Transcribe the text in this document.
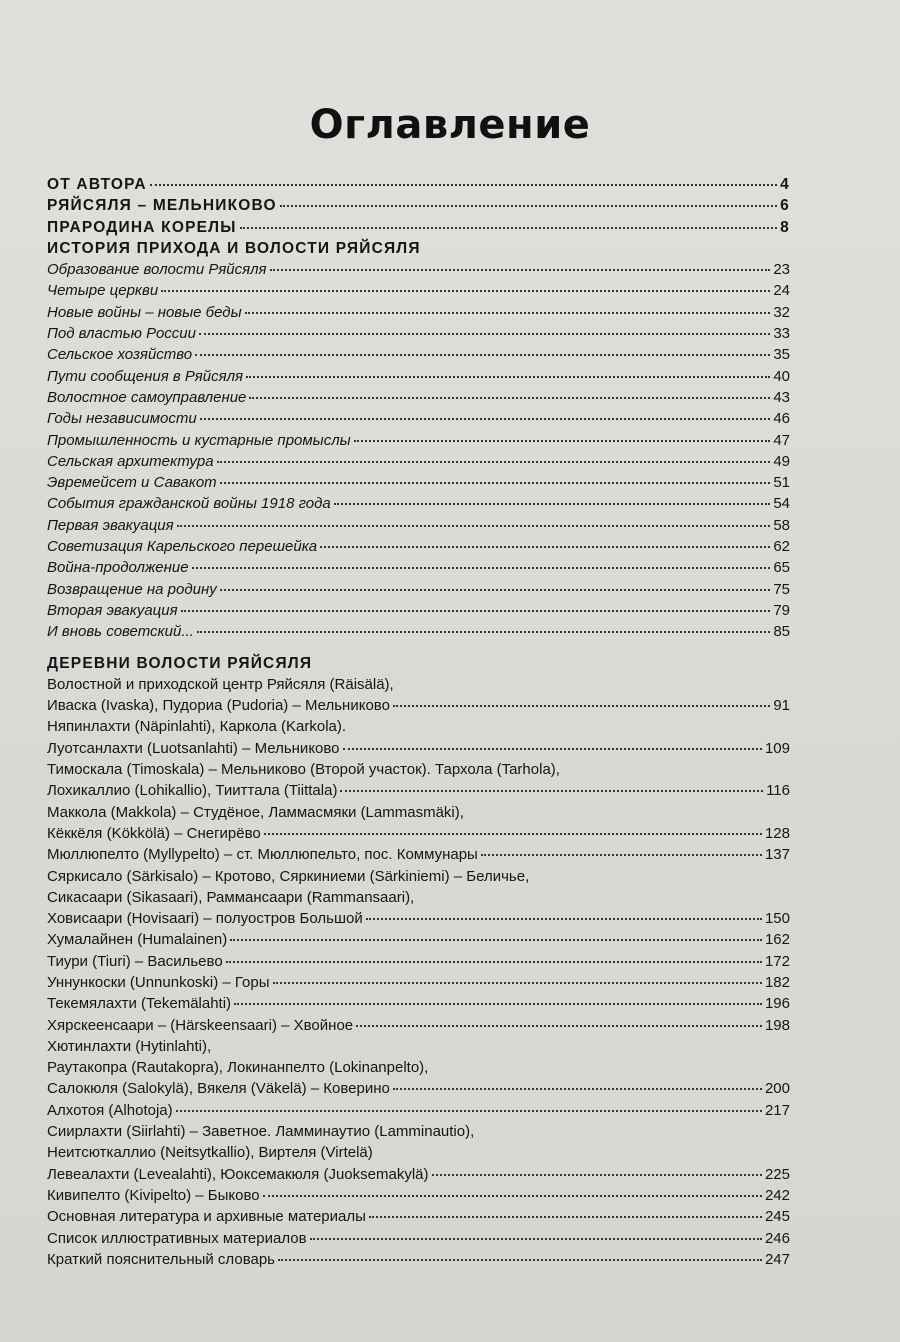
Оглавление
ОТ АВТОРА	4
РЯЙСЯЛЯ – МЕЛЬНИКОВО	6
ПРАРОДИНА КОРЕЛЫ	8
ИСТОРИЯ ПРИХОДА И ВОЛОСТИ РЯЙСЯЛЯ
Образование волости Ряйсяля	23
Четыре церкви	24
Новые войны – новые беды	32
Под властью России	33
Сельское хозяйство	35
Пути сообщения в Ряйсяля	40
Волостное самоуправление	43
Годы независимости	46
Промышленность и кустарные промыслы	47
Сельская архитектура	49
Эвремейсет и Савакот	51
События гражданской войны 1918 года	54
Первая эвакуация	58
Советизация Карельского перешейка	62
Война-продолжение	65
Возвращение на родину	75
Вторая эвакуация	79
И вновь советский...	85
ДЕРЕВНИ ВОЛОСТИ РЯЙСЯЛЯ
Волостной и приходской центр Ряйсяля (Räisälä),
Иваска (Ivaska), Пудориа (Pudoria) – Мельниково	91
Няпинлахти (Näpinlahti), Каркола (Karkola).
Луотсанлахти (Luotsanlahti) – Мельниково	109
Тимоскала (Timoskala) – Мельниково (Второй участок). Тархола (Tarhola),
Лохикаллио (Lohikallio), Тииттала (Tiittala)	116
Маккола (Makkola) – Студёное, Ламмасмяки (Lammasmäki),
Кёккёля (Kökkölä) – Снегирёво	128
Мюллюпелто (Myllypelto) – ст. Мюллюпельто, пос. Коммунары	137
Сяркисало (Särkisalo) – Кротово, Сяркиниеми (Särkiniemi) – Беличье,
Сикасаари (Sikasaari), Раммансаари (Rammansaari),
Ховисаари (Hovisaari) – полуостров Большой	150
Хумалайнен (Humalainen)	162
Тиури (Tiuri) – Васильево	172
Уннункоски (Unnunkoski) – Горы	182
Текемялахти (Tekemälahti)	196
Хярскеенсаари – (Härskeensaari) – Хвойное	198
Хютинлахти (Hytinlahti),
Раутакопра (Rautakopra), Локинанпелто (Lokinanpelto),
Салокюля (Salokylä), Вякеля (Väkelä) – Коверино	200
Алхотоя (Alhotoja)	217
Сиирлахти (Siirlahti) – Заветное. Ламминаутио (Lamminautio),
Неитсюткаллио (Neitsytkallio), Виртеля (Virtelä)
Левеалахти (Levealahti), Юоксемакюля (Juoksemakylä)	225
Кивипелто (Kivipelto) – Быково	242
Основная литература и архивные материалы	245
Список иллюстративных материалов	246
Краткий пояснительный словарь	247
